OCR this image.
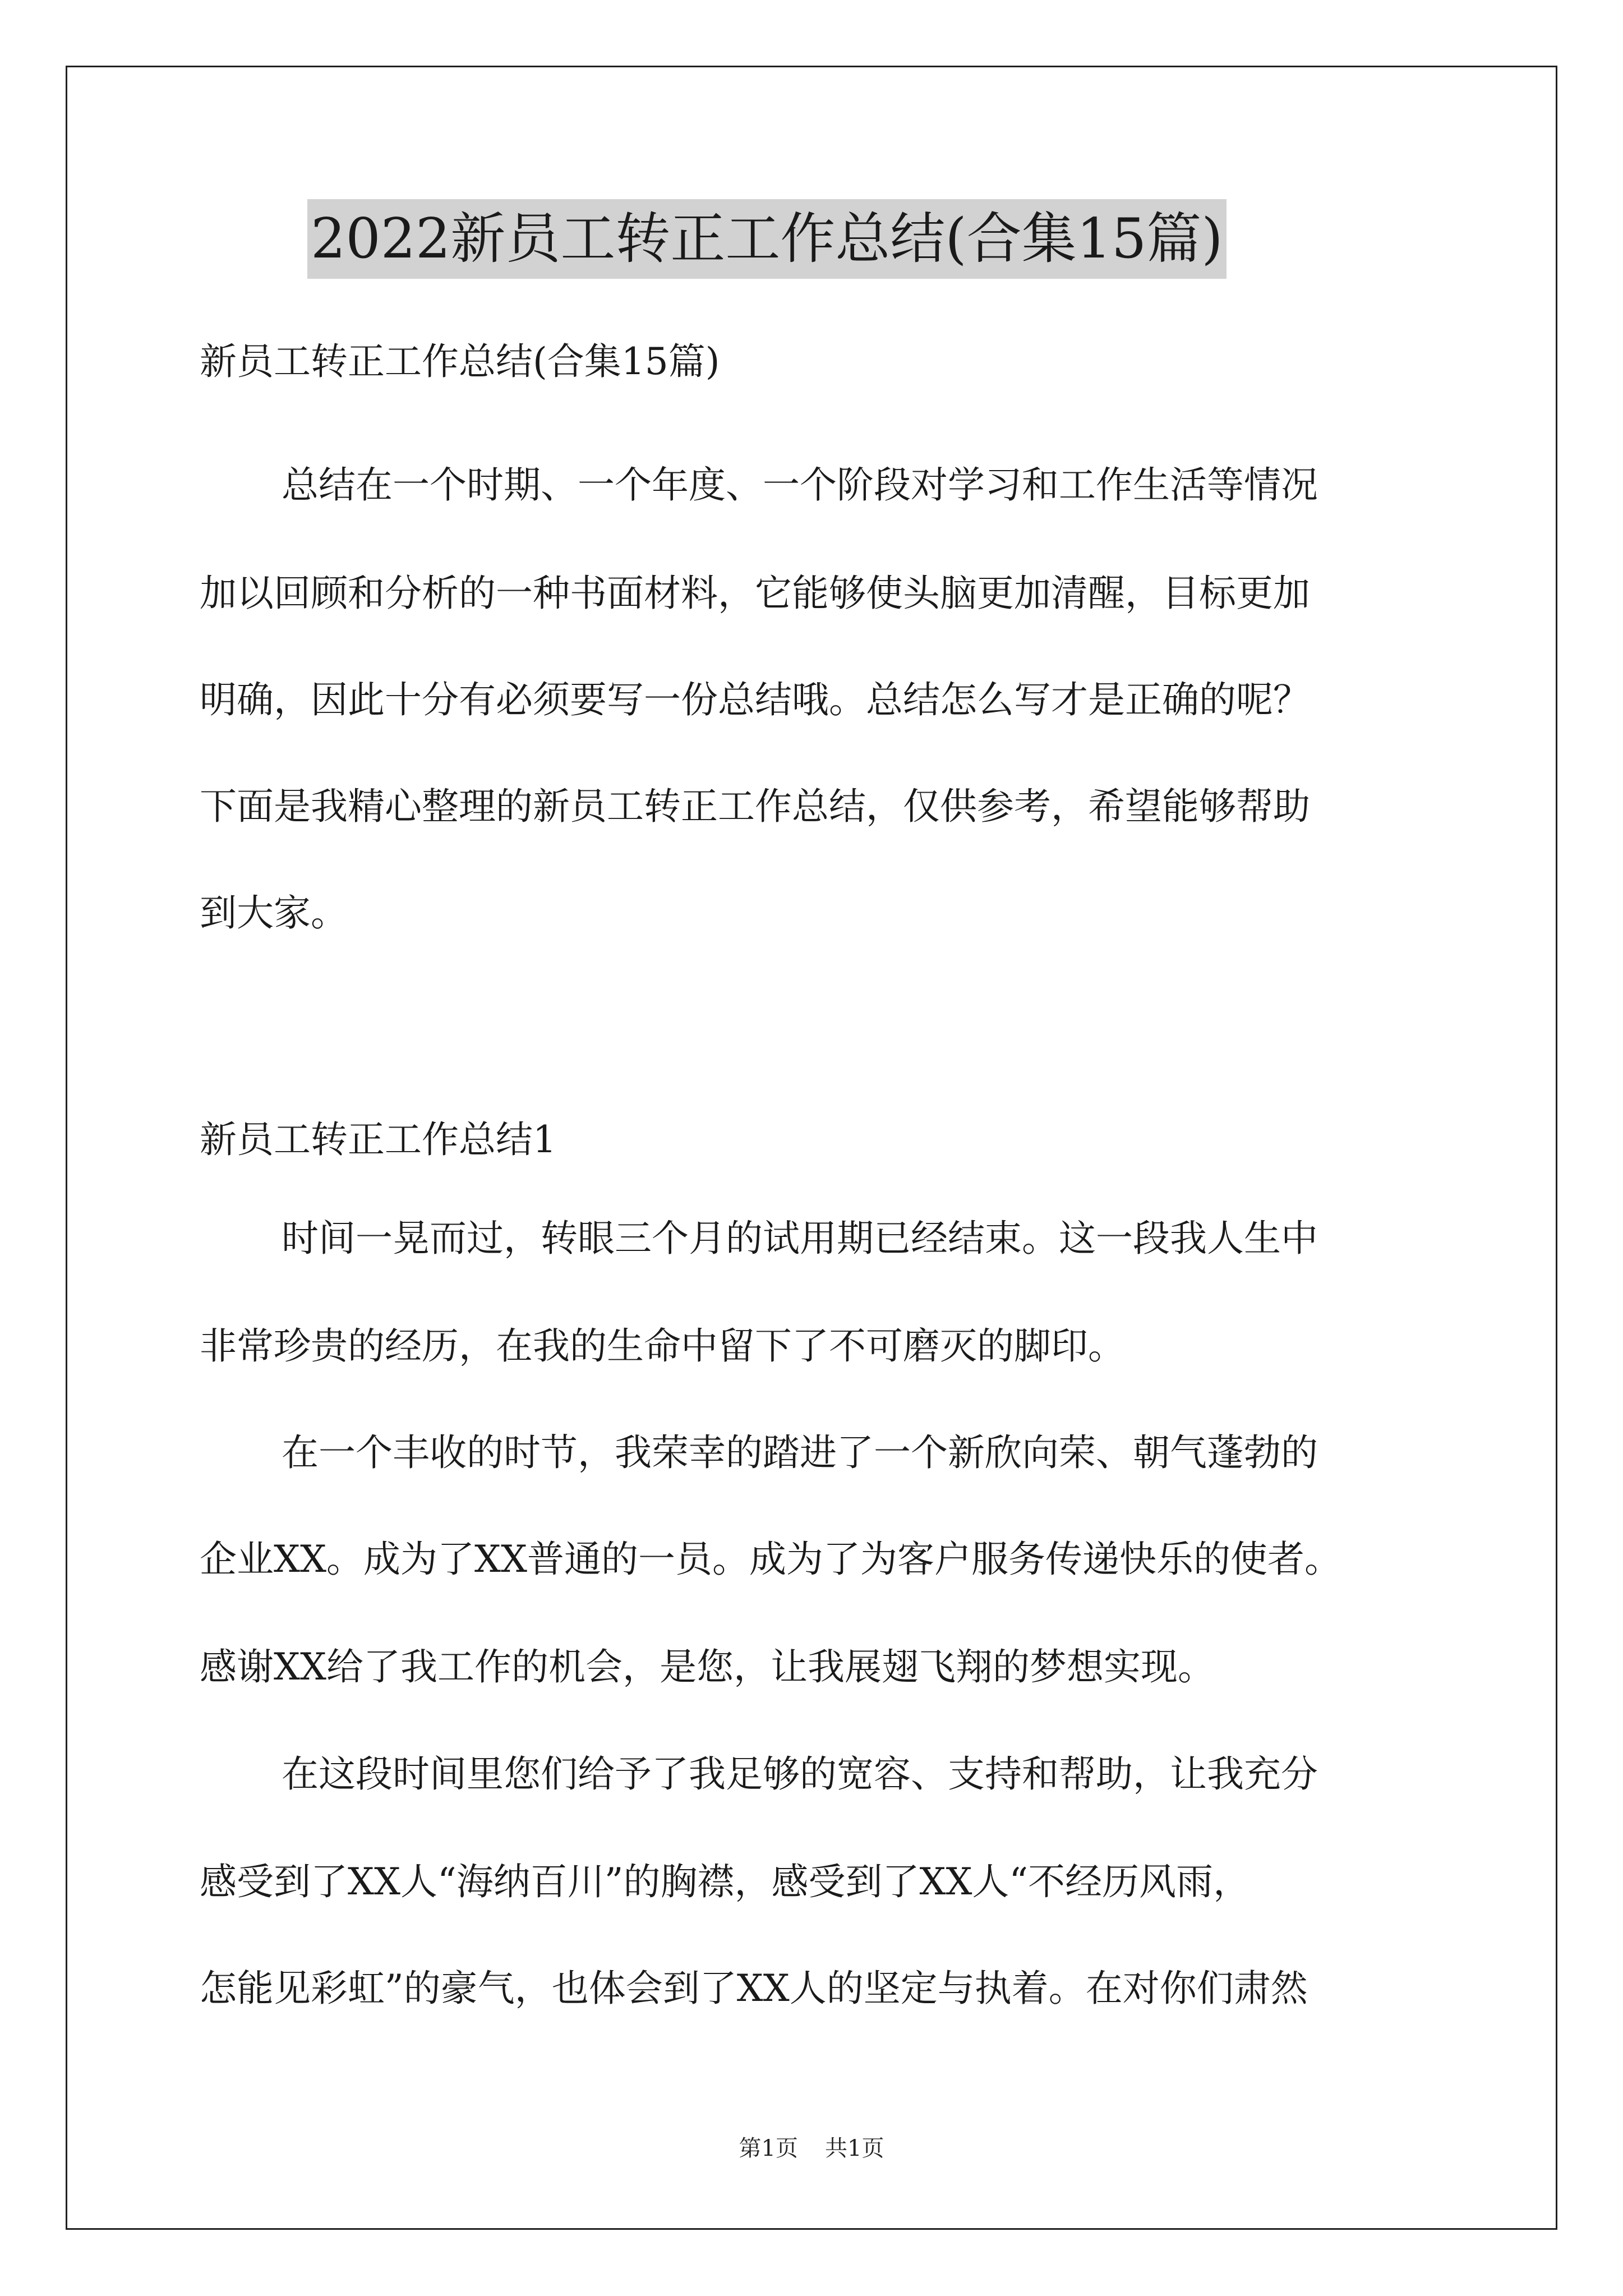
2022新员工转正工作总结(合集15篇)
新员工转正工作总结(合集15篇)
总结在一个时期、一个年度、一个阶段对学习和工作生活等情况
加以回顾和分析的一种书面材料，它能够使头脑更加清醒，目标更加
明确，因此十分有必须要写一份总结哦。总结怎么写才是正确的呢？
下面是我精心整理的新员工转正工作总结，仅供参考，希望能够帮助
到大家。
新员工转正工作总结1
时间一晃而过，转眼三个月的试用期已经结束。这一段我人生中
非常珍贵的经历，在我的生命中留下了不可磨灭的脚印。
在一个丰收的时节，我荣幸的踏进了一个新欣向荣、朝气蓬勃的
企业XX。成为了XX普通的一员。成为了为客户服务传递快乐的使者。
感谢XX给了我工作的机会，是您，让我展翅飞翔的梦想实现。
在这段时间里您们给予了我足够的宽容、支持和帮助，让我充分
感受到了XX人“海纳百川”的胸襟，感受到了XX人“不经历风雨，
怎能见彩虹”的豪气，也体会到了XX人的坚定与执着。在对你们肃然
第1页 共1页
